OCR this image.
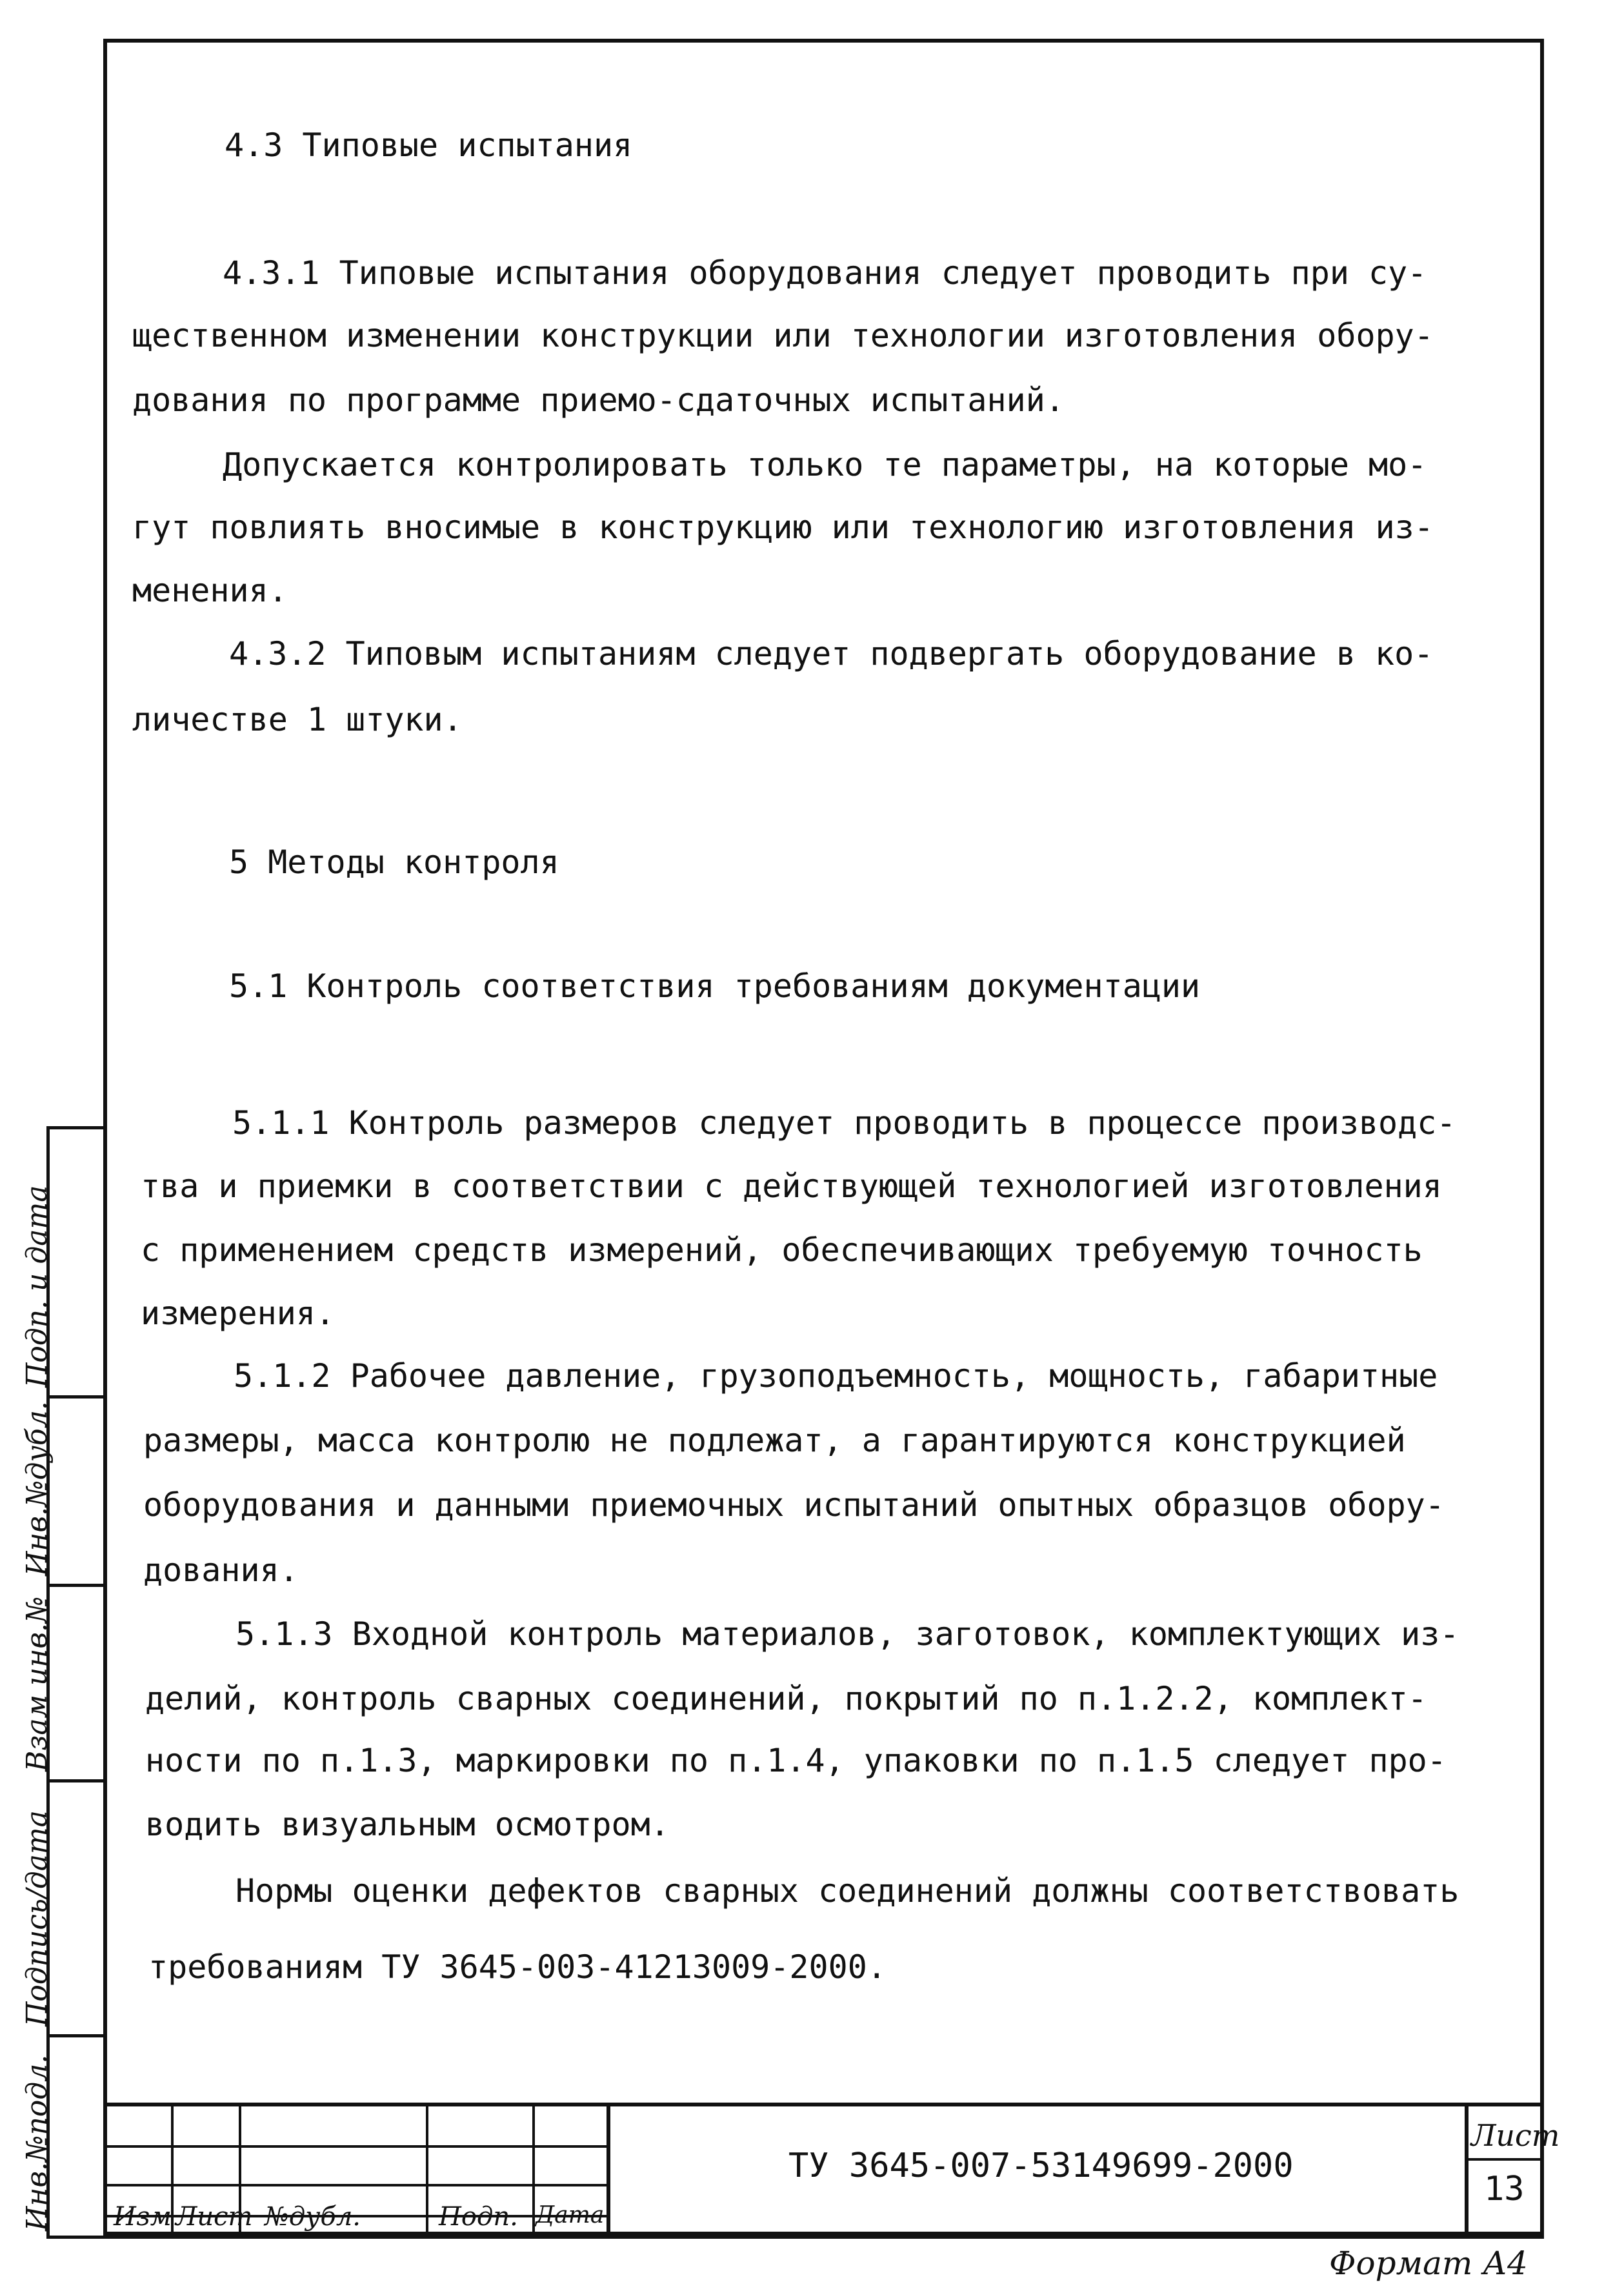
4.3 Типовые испытания

4.3.1 Типовые испытания оборудования следует проводить при су-

щественном изменении конструкции или технологии изготовления обору-

дования по программе приемо-сдаточных испытаний.

Допускается контролировать только те параметры, на которые мо-

гут повлиять вносимые в конструкцию или технологию изготовления из-

менения.

4.3.2 Типовым испытаниям следует подвергать оборудование в ко-

личестве 1 штуки.

5 Методы контроля

5.1 Контроль соответствия требованиям документации

5.1.1 Контроль размеров следует проводить в процессе производс-

тва и приемки в соответствии с действующей технологией изготовления

с применением средств измерений, обеспечивающих требуемую точность

измерения.

5.1.2 Рабочее давление, грузоподъемность, мощность, габаритные

размеры, масса контролю не подлежат, а гарантируются конструкцией

оборудования и данными приемочных испытаний опытных образцов обору-

дования.

5.1.3 Входной контроль материалов, заготовок, комплектующих из-

делий, контроль сварных соединений, покрытий по п.1.2.2, комплект-

ности по п.1.3, маркировки по п.1.4, упаковки по п.1.5 следует про-

водить визуальным осмотром.

Нормы оценки дефектов сварных соединений должны соответствовать

требованиям ТУ 3645-003-41213009-2000.

Подп. и дата
Инв.№дубл.
Взам инв.№
Подпись/дата
Инв.№подл. Изм Лист №дубл.	Подп. Дата
ТУ 3645-007-53149699-2000
Лист
13
Формат А4
